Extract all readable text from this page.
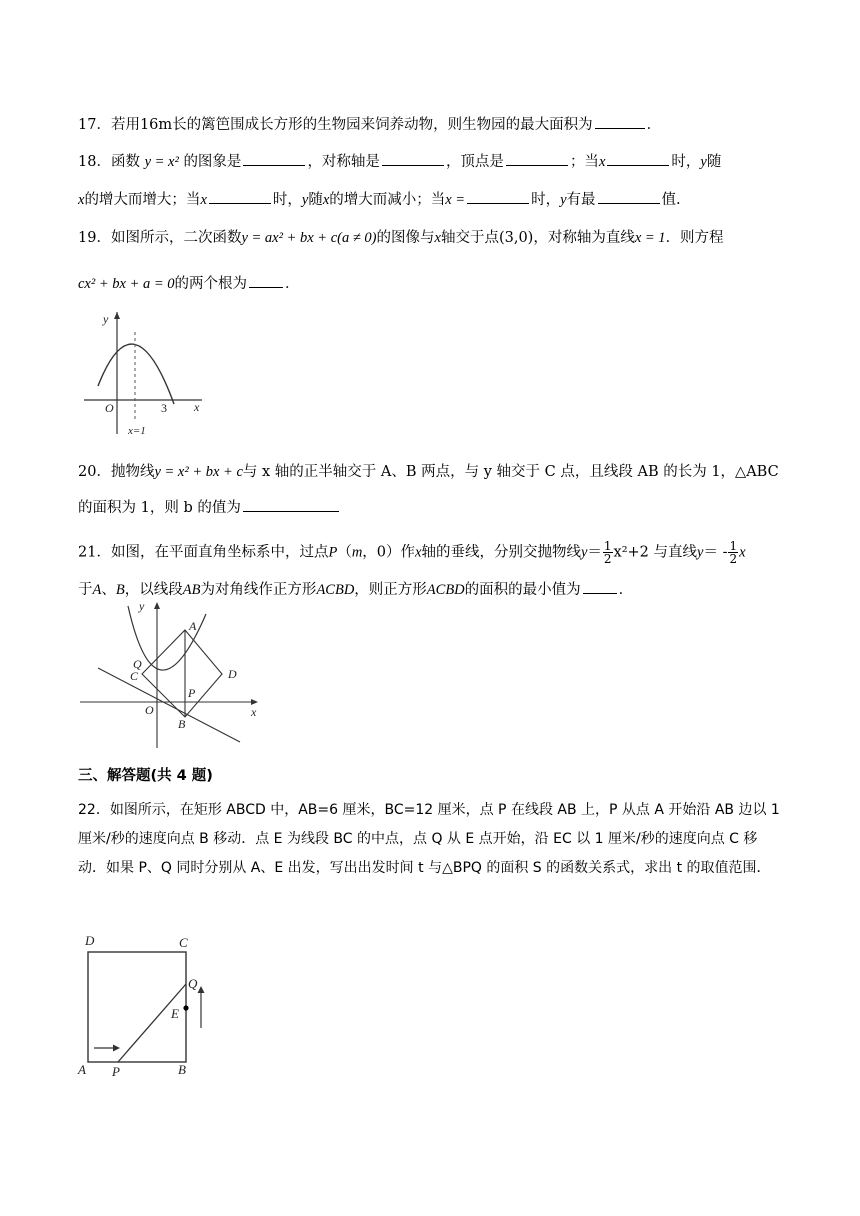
17．若用16m长的篱笆围成长方形的生物园来饲养动物，则生物园的最大面积为	．
18．函数 y = x² 的图象是	，对称轴是	，顶点是	；当x	时，y随
x的增大而增大；当x	时，y随x的增大而减小；当x =	时，y有最	值.
19．如图所示，二次函数y = ax² + bx + c(a ≠ 0)的图像与x轴交于点(3,0)，对称轴为直线x = 1．则方程
cx² + bx + a = 0的两个根为	．
y
O	3 x
x=1
20．抛物线y = x² + bx + c与 x 轴的正半轴交于 A、B 两点，与 y 轴交于 C 点，且线段 AB 的长为 1，△ABC
的面积为 1，则 b 的值为
21．如图，在平面直角坐标系中，过点P（m，0）作x轴的垂线，分别交抛物线$y= \frac{1}{2} x^2+2$ 与直线$y= - \frac{1}{2}$ x
于A、B，以线段AB为对角线作正方形ACBD，则正方形ACBD的面积的最小值为	．
y
A
Q
C	D
P
O
B
x
三、解答题(共 4 题)
22．如图所示，在矩形 ABCD 中，AB=6 厘米，BC=12 厘米，点 P 在线段 AB 上，P 从点 A 开始沿 AB 边以 1 厘米/秒的速度向点 B 移动．点 E 为线段 BC 的中点，点 Q 从 E 点开始，沿 EC 以 1 厘米/秒的速度向点 C 移动．如果 P、Q 同时分别从 A、E 出发，写出出发时间 t 与△BPQ 的面积 S 的函数关系式，求出 t 的取值范围．
D	C
Q
E
A P	B
